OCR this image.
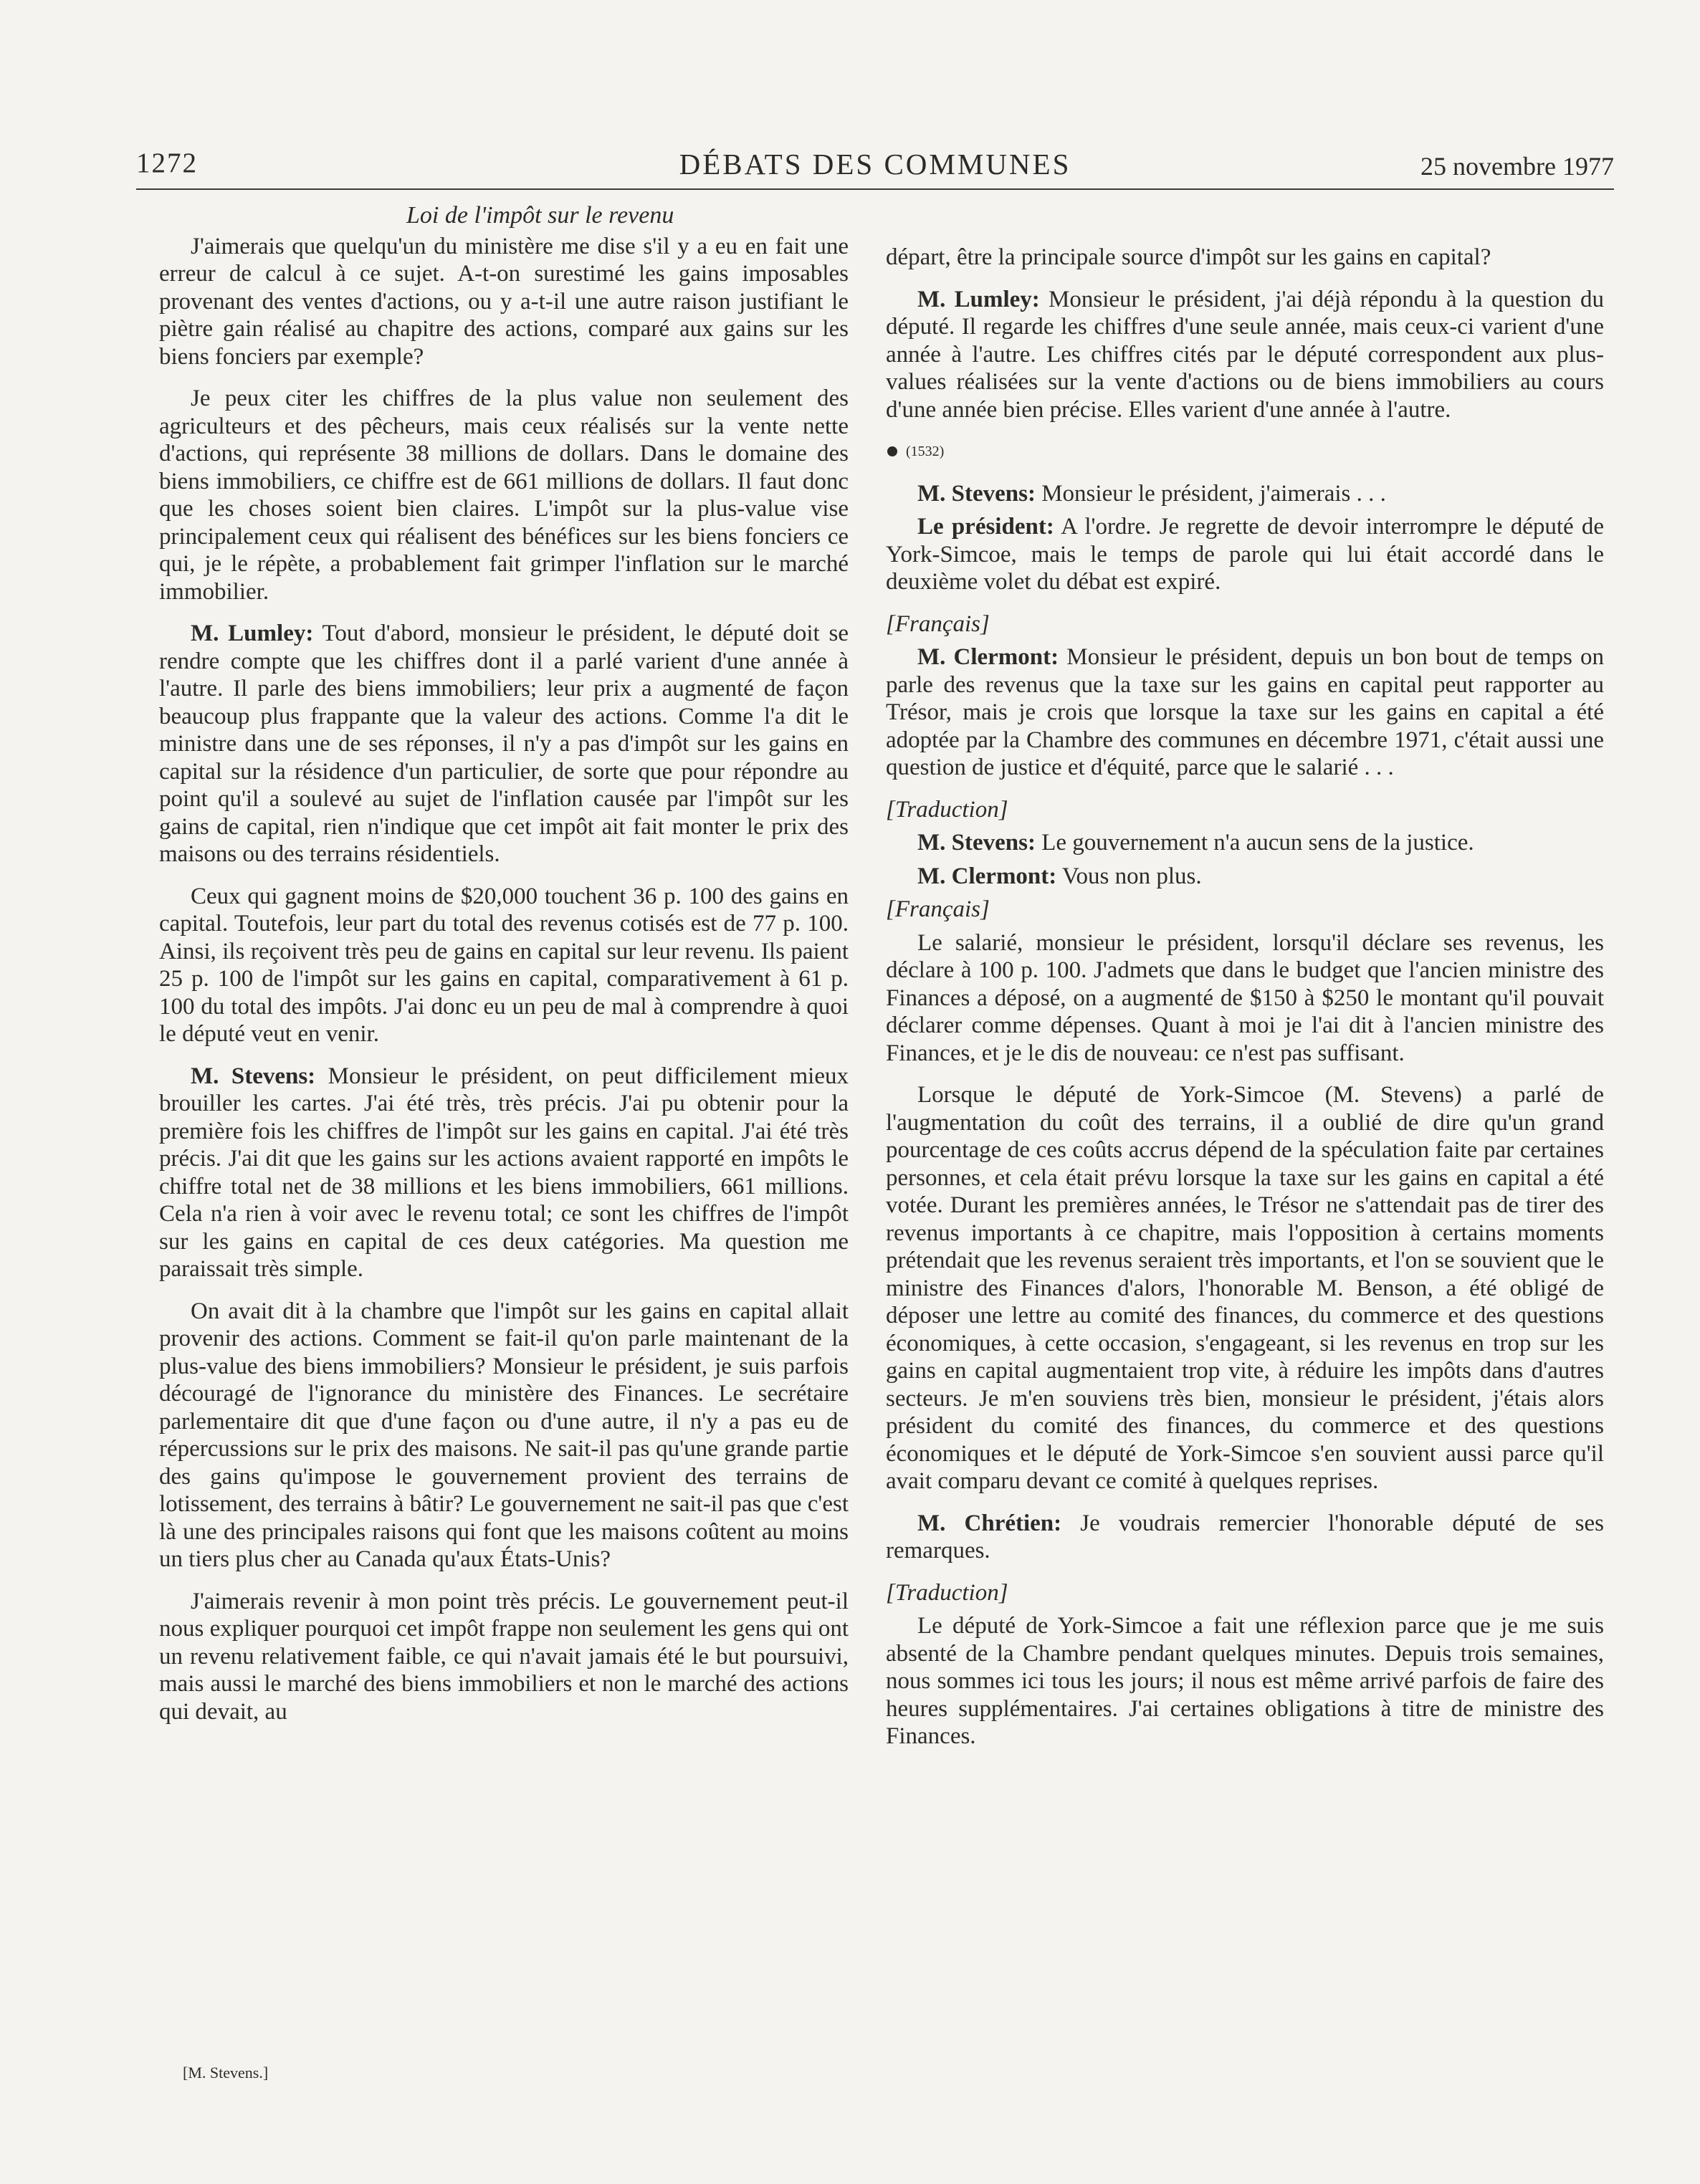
1272	DÉBATS DES COMMUNES	25 novembre 1977
Loi de l'impôt sur le revenu

J'aimerais que quelqu'un du ministère me dise s'il y a eu en fait une erreur de calcul à ce sujet. A-t-on surestimé les gains imposables provenant des ventes d'actions, ou y a-t-il une autre raison justifiant le piètre gain réalisé au chapitre des actions, comparé aux gains sur les biens fonciers par exemple?

Je peux citer les chiffres de la plus value non seulement des agriculteurs et des pêcheurs, mais ceux réalisés sur la vente nette d'actions, qui représente 38 millions de dollars. Dans le domaine des biens immobiliers, ce chiffre est de 661 millions de dollars. Il faut donc que les choses soient bien claires. L'impôt sur la plus-value vise principalement ceux qui réalisent des bénéfices sur les biens fonciers ce qui, je le répète, a probablement fait grimper l'inflation sur le marché immobilier.

M. Lumley: Tout d'abord, monsieur le président, le député doit se rendre compte que les chiffres dont il a parlé varient d'une année à l'autre. Il parle des biens immobiliers; leur prix a augmenté de façon beaucoup plus frappante que la valeur des actions. Comme l'a dit le ministre dans une de ses réponses, il n'y a pas d'impôt sur les gains en capital sur la résidence d'un particulier, de sorte que pour répondre au point qu'il a soulevé au sujet de l'inflation causée par l'impôt sur les gains de capital, rien n'indique que cet impôt ait fait monter le prix des maisons ou des terrains résidentiels.

Ceux qui gagnent moins de $20,000 touchent 36 p. 100 des gains en capital. Toutefois, leur part du total des revenus cotisés est de 77 p. 100. Ainsi, ils reçoivent très peu de gains en capital sur leur revenu. Ils paient 25 p. 100 de l'impôt sur les gains en capital, comparativement à 61 p. 100 du total des impôts. J'ai donc eu un peu de mal à comprendre à quoi le député veut en venir.

M. Stevens: Monsieur le président, on peut difficilement mieux brouiller les cartes. J'ai été très, très précis. J'ai pu obtenir pour la première fois les chiffres de l'impôt sur les gains en capital. J'ai été très précis. J'ai dit que les gains sur les actions avaient rapporté en impôts le chiffre total net de 38 millions et les biens immobiliers, 661 millions. Cela n'a rien à voir avec le revenu total; ce sont les chiffres de l'impôt sur les gains en capital de ces deux catégories. Ma question me paraissait très simple.

On avait dit à la chambre que l'impôt sur les gains en capital allait provenir des actions. Comment se fait-il qu'on parle maintenant de la plus-value des biens immobiliers? Monsieur le président, je suis parfois découragé de l'ignorance du ministère des Finances. Le secrétaire parlementaire dit que d'une façon ou d'une autre, il n'y a pas eu de répercussions sur le prix des maisons. Ne sait-il pas qu'une grande partie des gains qu'impose le gouvernement provient des terrains de lotissement, des terrains à bâtir? Le gouvernement ne sait-il pas que c'est là une des principales raisons qui font que les maisons coûtent au moins un tiers plus cher au Canada qu'aux États-Unis?

J'aimerais revenir à mon point très précis. Le gouvernement peut-il nous expliquer pourquoi cet impôt frappe non seulement les gens qui ont un revenu relativement faible, ce qui n'avait jamais été le but poursuivi, mais aussi le marché des biens immobiliers et non le marché des actions qui devait, au

départ, être la principale source d'impôt sur les gains en capital?

M. Lumley: Monsieur le président, j'ai déjà répondu à la question du député. Il regarde les chiffres d'une seule année, mais ceux-ci varient d'une année à l'autre. Les chiffres cités par le député correspondent aux plus-values réalisées sur la vente d'actions ou de biens immobiliers au cours d'une année bien précise. Elles varient d'une année à l'autre.

(1532)

M. Stevens: Monsieur le président, j'aimerais . . .

Le président: A l'ordre. Je regrette de devoir interrompre le député de York-Simcoe, mais le temps de parole qui lui était accordé dans le deuxième volet du débat est expiré.

[Français]

M. Clermont: Monsieur le président, depuis un bon bout de temps on parle des revenus que la taxe sur les gains en capital peut rapporter au Trésor, mais je crois que lorsque la taxe sur les gains en capital a été adoptée par la Chambre des communes en décembre 1971, c'était aussi une question de justice et d'équité, parce que le salarié . . .

[Traduction]

M. Stevens: Le gouvernement n'a aucun sens de la justice.

M. Clermont: Vous non plus.

[Français]

Le salarié, monsieur le président, lorsqu'il déclare ses revenus, les déclare à 100 p. 100. J'admets que dans le budget que l'ancien ministre des Finances a déposé, on a augmenté de $150 à $250 le montant qu'il pouvait déclarer comme dépenses. Quant à moi je l'ai dit à l'ancien ministre des Finances, et je le dis de nouveau: ce n'est pas suffisant.

Lorsque le député de York-Simcoe (M. Stevens) a parlé de l'augmentation du coût des terrains, il a oublié de dire qu'un grand pourcentage de ces coûts accrus dépend de la spéculation faite par certaines personnes, et cela était prévu lorsque la taxe sur les gains en capital a été votée. Durant les premières années, le Trésor ne s'attendait pas de tirer des revenus importants à ce chapitre, mais l'opposition à certains moments prétendait que les revenus seraient très importants, et l'on se souvient que le ministre des Finances d'alors, l'honorable M. Benson, a été obligé de déposer une lettre au comité des finances, du commerce et des questions économiques, à cette occasion, s'engageant, si les revenus en trop sur les gains en capital augmentaient trop vite, à réduire les impôts dans d'autres secteurs. Je m'en souviens très bien, monsieur le président, j'étais alors président du comité des finances, du commerce et des questions économiques et le député de York-Simcoe s'en souvient aussi parce qu'il avait comparu devant ce comité à quelques reprises.

M. Chrétien: Je voudrais remercier l'honorable député de ses remarques.

[Traduction]

Le député de York-Simcoe a fait une réflexion parce que je me suis absenté de la Chambre pendant quelques minutes. Depuis trois semaines, nous sommes ici tous les jours; il nous est même arrivé parfois de faire des heures supplémentaires. J'ai certaines obligations à titre de ministre des Finances.

[M. Stevens.]
